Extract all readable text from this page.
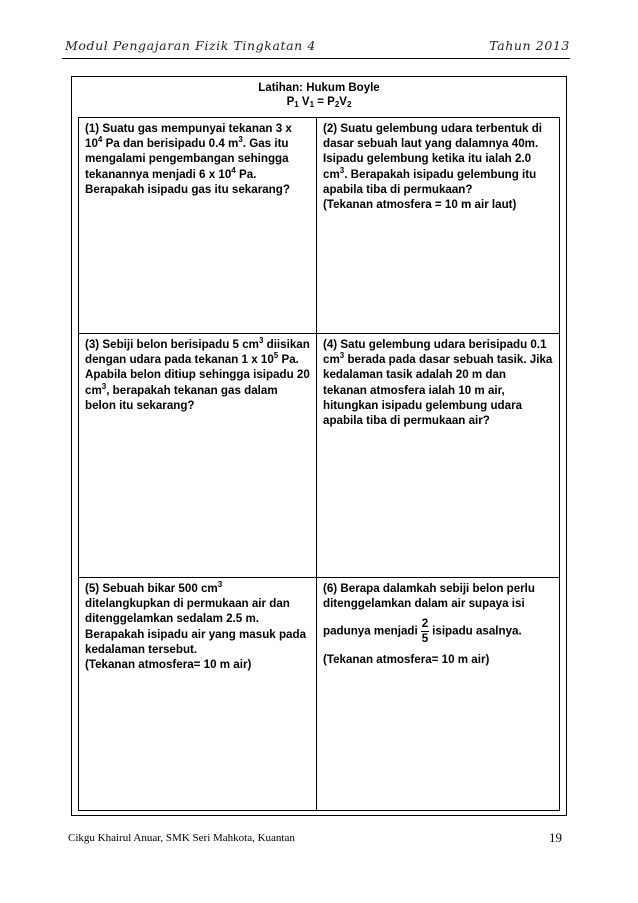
Modul Pengajaran Fizik Tingkatan 4	Tahun 2013
Latihan: Hukum Boyle
$P_1$ $V_1 = P_2V_2$
(1) Suatu gas mempunyai tekanan 3 x $10^4$ Pa dan berisipadu 0.4 $m^3$. Gas itu mengalami pengembangan sehingga tekanannya menjadi 6 x $10^4$ Pa. Berapakah isipadu gas itu sekarang?
(2) Suatu gelembung udara terbentuk di dasar sebuah laut yang dalamnya 40m. Isipadu gelembung ketika itu ialah 2.0 $cm^3$. Berapakah isipadu gelembung itu apabila tiba di permukaan?
(Tekanan atmosfera = 10 m air laut)
(3) Sebiji belon berisipadu 5 $cm^3$ diisikan dengan udara pada tekanan 1 x $10^5$ Pa. Apabila belon ditiup sehingga isipadu 20 $cm^3$, berapakah tekanan gas dalam belon itu sekarang?
(4) Satu gelembung udara berisipadu 0.1 $cm^3$ berada pada dasar sebuah tasik. Jika kedalaman tasik adalah 20 m dan tekanan atmosfera ialah 10 m air, hitungkan isipadu gelembung udara apabila tiba di permukaan air?
(5) Sebuah bikar 500 $cm^3$ ditelangkupkan di permukaan air dan ditenggelamkan sedalam 2.5 m. Berapakah isipadu air yang masuk pada kedalaman tersebut.
(Tekanan atmosfera= 10 m air)
(6) Berapa dalamkah sebiji belon perlu ditenggelamkan dalam air supaya isi
padunya menjadi $\frac{2}{5}$ isipadu asalnya.
(Tekanan atmosfera= 10 m air)
Cikgu Khairul Anuar, SMK Seri Mahkota, Kuantan	19
